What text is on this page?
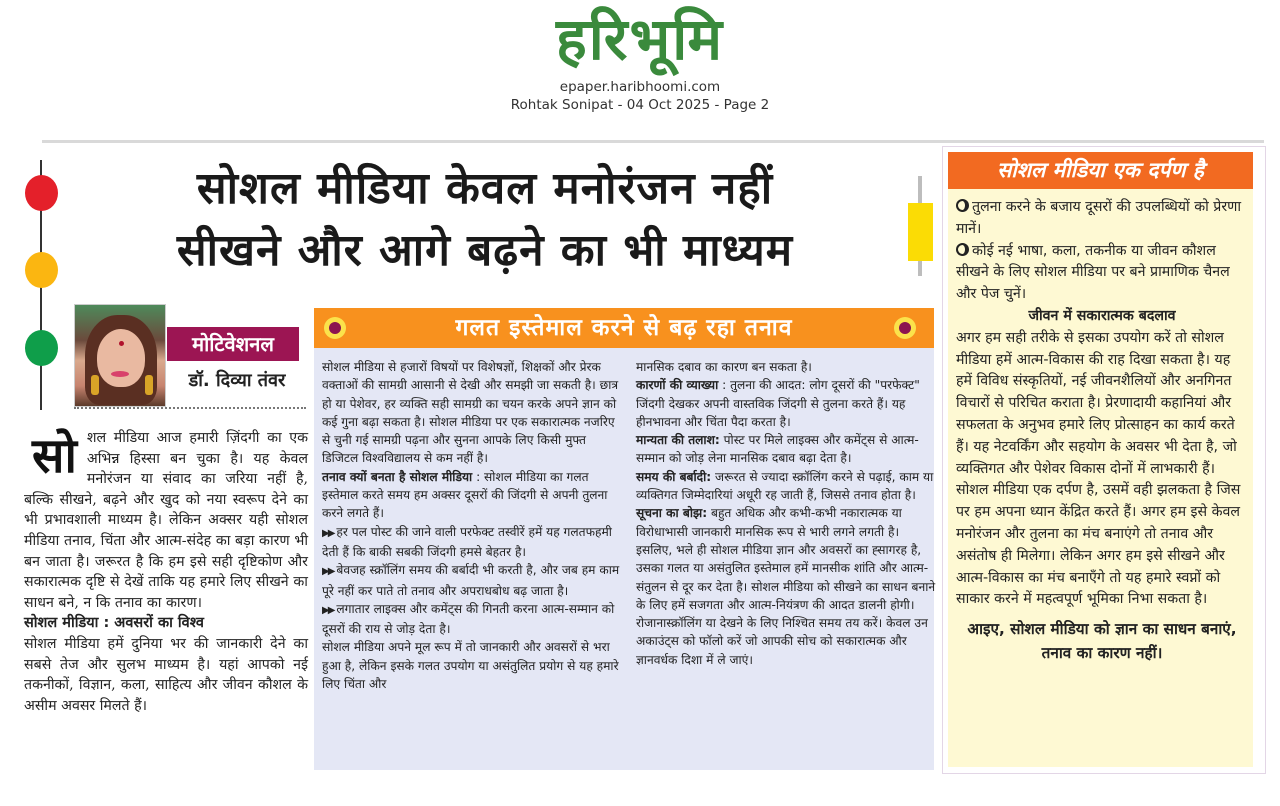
हरिभूमि
epaper.haribhoomi.com
Rohtak Sonipat - 04 Oct 2025 - Page 2
सोशल मीडिया केवल मनोरंजन नहीं
सीखने और आगे बढ़ने का भी माध्यम
मोटिवेशनल
डॉ. दिव्या तंवर

सोशल मीडिया आज हमारी ज़िंदगी का एक अभिन्न हिस्सा बन चुका है। यह केवल मनोरंजन या संवाद का जरिया नहीं है, बल्कि सीखने, बढ़ने और खुद को नया स्वरूप देने का भी प्रभावशाली माध्यम है। लेकिन अक्सर यही सोशल मीडिया तनाव, चिंता और आत्म-संदेह का बड़ा कारण भी बन जाता है। जरूरत है कि हम इसे सही दृष्टिकोण और सकारात्मक दृष्टि से देखें ताकि यह हमारे लिए सीखने का साधन बने, न कि तनाव का कारण।

सोशल मीडिया : अवसरों का विश्व

सोशल मीडिया हमें दुनिया भर की जानकारी देने का सबसे तेज और सुलभ माध्यम है। यहां आपको नई तकनीकों, विज्ञान, कला, साहित्य और जीवन कौशल के असीम अवसर मिलते हैं।

गलत इस्तेमाल करने से बढ़ रहा तनाव

सोशल मीडिया से हजारों विषयों पर विशेषज्ञों, शिक्षकों और प्रेरक वक्ताओं की सामग्री आसानी से देखी और समझी जा सकती है। छात्र हो या पेशेवर, हर व्यक्ति सही सामग्री का चयन करके अपने ज्ञान को कई गुना बढ़ा सकता है। सोशल मीडिया पर एक सकारात्मक नजरिए से चुनी गई सामग्री पढ़ना और सुनना आपके लिए किसी मुफ्त डिजिटल विश्वविद्यालय से कम नहीं है।

तनाव क्यों बनता है सोशल मीडिया : सोशल मीडिया का गलत इस्तेमाल करते समय हम अक्सर दूसरों की जिंदगी से अपनी तुलना करने लगते हैं।

▶▶ हर पल पोस्ट की जाने वाली परफेक्ट तस्वीरें हमें यह गलतफहमी देती हैं कि बाकी सबकी जिंदगी हमसे बेहतर है।

▶▶ बेवजह स्क्रॉलिंग समय की बर्बादी भी करती है, और जब हम काम पूरे नहीं कर पाते तो तनाव और अपराधबोध बढ़ जाता है।

▶▶ लगातार लाइक्स और कमेंट्स की गिनती करना आत्म-सम्मान को दूसरों की राय से जोड़ देता है।

सोशल मीडिया अपने मूल रूप में तो जानकारी और अवसरों से भरा हुआ है, लेकिन इसके गलत उपयोग या असंतुलित प्रयोग से यह हमारे लिए चिंता और

मानसिक दबाव का कारण बन सकता है।

कारणों की व्याख्या : तुलना की आदत: लोग दूसरों की "परफेक्ट" जिंदगी देखकर अपनी वास्तविक जिंदगी से तुलना करते हैं। यह हीनभावना और चिंता पैदा करता है।

मान्यता की तलाश: पोस्ट पर मिले लाइक्स और कमेंट्स से आत्म-सम्मान को जोड़ लेना मानसिक दबाव बढ़ा देता है।

समय की बर्बादी: जरूरत से ज्यादा स्क्रॉलिंग करने से पढ़ाई, काम या व्यक्तिगत जिम्मेदारियां अधूरी रह जाती हैं, जिससे तनाव होता है।

सूचना का बोझ: बहुत अधिक और कभी-कभी नकारात्मक या विरोधाभासी जानकारी मानसिक रूप से भारी लगने लगती है।

इसलिए, भले ही सोशल मीडिया ज्ञान और अवसरों का ह्सागरह है, उसका गलत या असंतुलित इस्तेमाल हमें मानसीक शांति और आत्म-संतुलन से दूर कर देता है। सोशल मीडिया को सीखने का साधन बनाने के लिए हमें सजगता और आत्म-नियंत्रण की आदत डालनी होगी। रोजानास्क्रॉलिंग या देखने के लिए निश्चित समय तय करें। केवल उन अकाउंट्स को फॉलो करें जो आपकी सोच को सकारात्मक और ज्ञानवर्धक दिशा में ले जाएं।

सोशल मीडिया एक दर्पण है

तुलना करने के बजाय दूसरों की उपलब्धियों को प्रेरणा मानें।

कोई नई भाषा, कला, तकनीक या जीवन कौशल सीखने के लिए सोशल मीडिया पर बने प्रामाणिक चैनल और पेज चुनें।

जीवन में सकारात्मक बदलाव

अगर हम सही तरीके से इसका उपयोग करें तो सोशल मीडिया हमें आत्म-विकास की राह दिखा सकता है। यह हमें विविध संस्कृतियों, नई जीवनशैलियों और अनगिनत विचारों से परिचित कराता है। प्रेरणादायी कहानियां और सफलता के अनुभव हमारे लिए प्रोत्साहन का कार्य करते हैं। यह नेटवर्किंग और सहयोग के अवसर भी देता है, जो व्यक्तिगत और पेशेवर विकास दोनों में लाभकारी हैं। सोशल मीडिया एक दर्पण है, उसमें वही झलकता है जिस पर हम अपना ध्यान केंद्रित करते हैं। अगर हम इसे केवल मनोरंजन और तुलना का मंच बनाएंगे तो तनाव और असंतोष ही मिलेगा। लेकिन अगर हम इसे सीखने और आत्म-विकास का मंच बनाएँगे तो यह हमारे स्वप्नों को साकार करने में महत्वपूर्ण भूमिका निभा सकता है।

आइए, सोशल मीडिया को ज्ञान का साधन बनाएं, तनाव का कारण नहीं।
